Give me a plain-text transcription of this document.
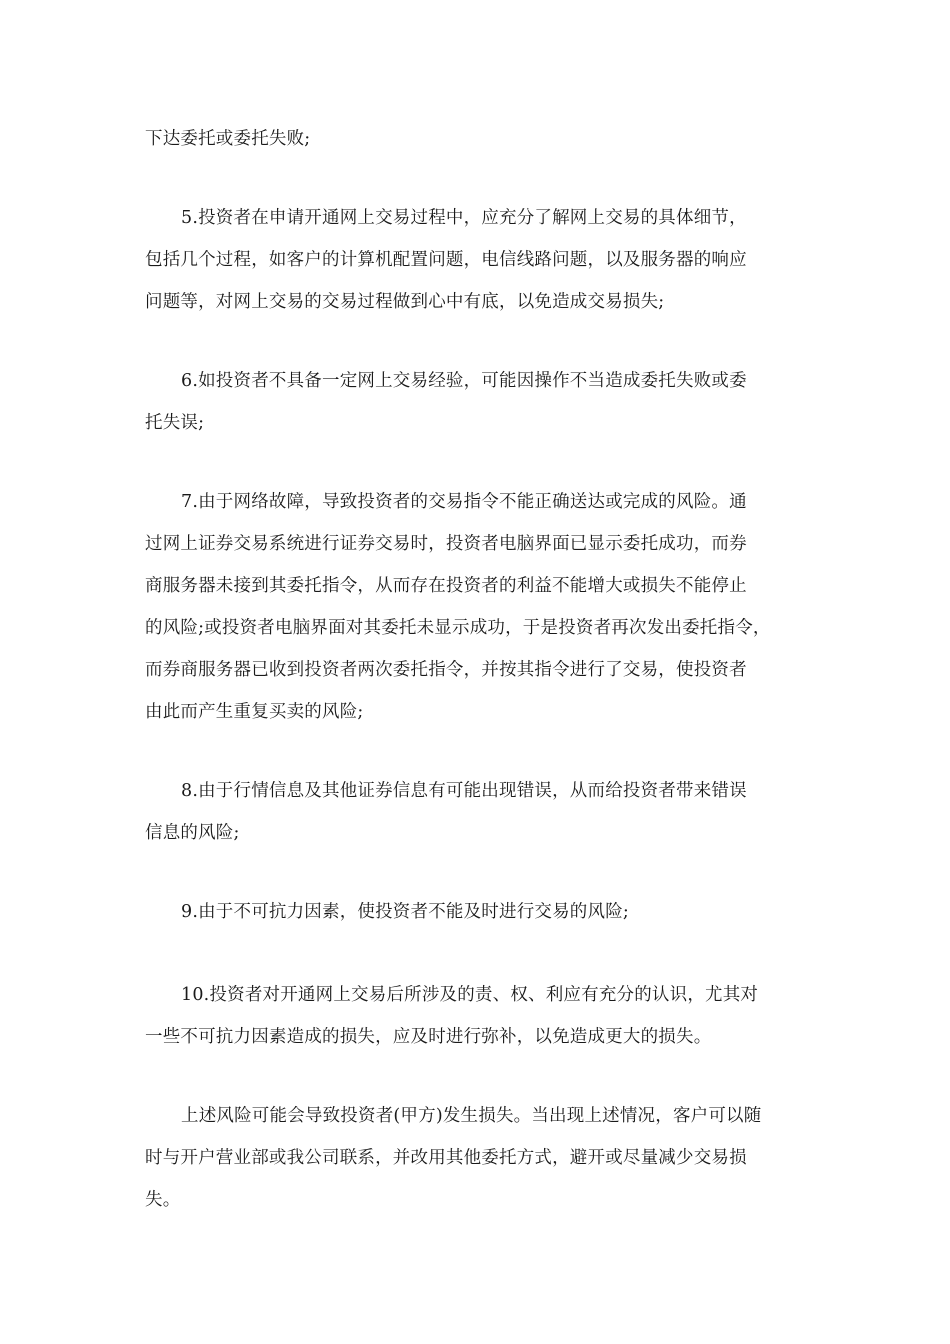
下达委托或委托失败;
5.投资者在申请开通网上交易过程中，应充分了解网上交易的具体细节，
包括几个过程，如客户的计算机配置问题，电信线路问题，以及服务器的响应
问题等，对网上交易的交易过程做到心中有底，以免造成交易损失;
6.如投资者不具备一定网上交易经验，可能因操作不当造成委托失败或委
托失误;
7.由于网络故障，导致投资者的交易指令不能正确送达或完成的风险。通
过网上证券交易系统进行证券交易时，投资者电脑界面已显示委托成功，而券
商服务器未接到其委托指令，从而存在投资者的利益不能增大或损失不能停止
的风险;或投资者电脑界面对其委托未显示成功，于是投资者再次发出委托指令，
而券商服务器已收到投资者两次委托指令，并按其指令进行了交易，使投资者
由此而产生重复买卖的风险;
8.由于行情信息及其他证券信息有可能出现错误，从而给投资者带来错误
信息的风险;
9.由于不可抗力因素，使投资者不能及时进行交易的风险;
10.投资者对开通网上交易后所涉及的责、权、利应有充分的认识，尤其对
一些不可抗力因素造成的损失，应及时进行弥补，以免造成更大的损失。
上述风险可能会导致投资者(甲方)发生损失。当出现上述情况，客户可以随
时与开户营业部或我公司联系，并改用其他委托方式，避开或尽量减少交易损
失。
